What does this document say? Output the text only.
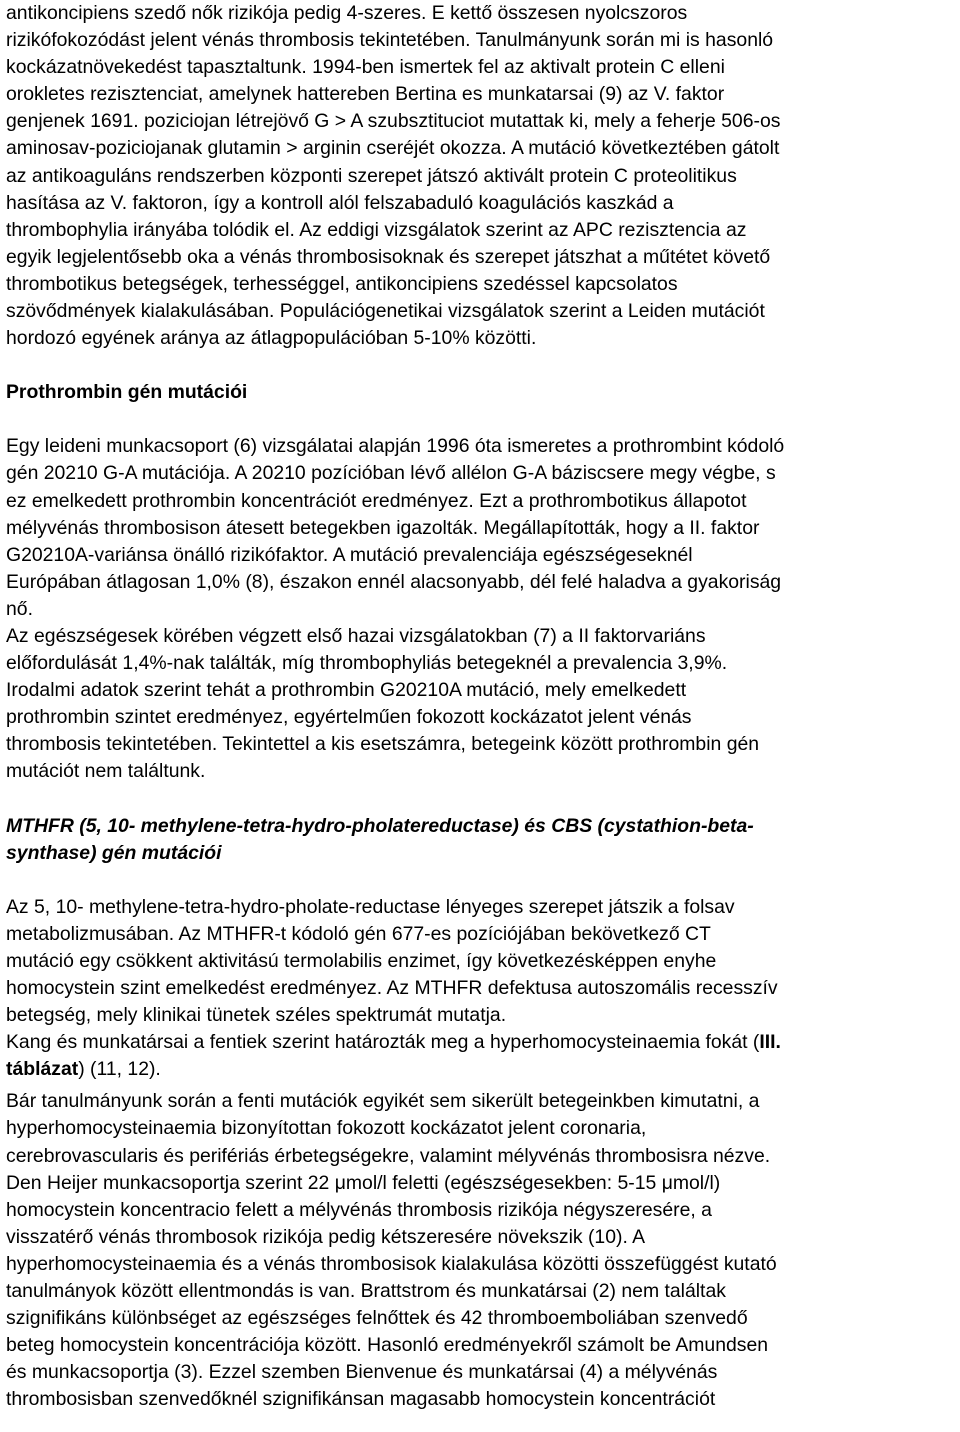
antikoncipiens szedő nők rizikója pedig 4-szeres. E kettő összesen nyolcszoros
rizikófokozódást jelent vénás thrombosis tekintetében. Tanulmányunk során mi is hasonló
kockázatnövekedést tapasztaltunk. 1994-ben ismertek fel az aktivalt protein C elleni
orokletes rezisztenciat, amelynek hattereben Bertina es munkatarsai (9) az V. faktor
genjenek 1691. poziciojan létrejövő G > A szubsztituciot mutattak ki, mely a feherje 506-os
aminosav-poziciojanak glutamin > arginin cseréjét okozza. A mutáció következtében gátolt
az antikoaguláns rendszerben központi szerepet játszó aktivált protein C proteolitikus
hasítása az V. faktoron, így a kontroll alól felszabaduló koagulációs kaszkád a
thrombophylia irányába tolódik el. Az eddigi vizsgálatok szerint az APC rezisztencia az
egyik legjelentősebb oka a vénás thrombosisoknak és szerepet játszhat a műtétet követő
thrombotikus betegségek, terhességgel, antikoncipiens szedéssel kapcsolatos
szövődmények kialakulásában. Populációgenetikai vizsgálatok szerint a Leiden mutációt
hordozó egyének aránya az átlagpopulációban 5-10% közötti.
Prothrombin gén mutációi
Egy leideni munkacsoport (6) vizsgálatai alapján 1996 óta ismeretes a prothrombint kódoló
gén 20210 G-A mutációja. A 20210 pozícióban lévő allélon G-A báziscsere megy végbe, s
ez emelkedett prothrombin koncentrációt eredményez. Ezt a prothrombotikus állapotot
mélyvénás thrombosison átesett betegekben igazolták. Megállapították, hogy a II. faktor
G20210A-variánsa önálló rizikófaktor. A mutáció prevalenciája egészségeseknél
Európában átlagosan 1,0% (8), északon ennél alacsonyabb, dél felé haladva a gyakoriság
nő.
Az egészségesek körében végzett első hazai vizsgálatokban (7) a II faktorvariáns
előfordulását 1,4%-nak találták, míg thrombophyliás betegeknél a prevalencia 3,9%.
Irodalmi adatok szerint tehát a prothrombin G20210A mutáció, mely emelkedett
prothrombin szintet eredményez, egyértelműen fokozott kockázatot jelent vénás
thrombosis tekintetében. Tekintettel a kis esetszámra, betegeink között prothrombin gén
mutációt nem találtunk.
MTHFR (5, 10- methylene-tetra-hydro-pholatereductase) és CBS (cystathion-beta-
synthase) gén mutációi
Az 5, 10- methylene-tetra-hydro-pholate-reductase lényeges szerepet játszik a folsav
metabolizmusában. Az MTHFR-t kódoló gén 677-es pozíciójában bekövetkező CT
mutáció egy csökkent aktivitású termolabilis enzimet, így következésképpen enyhe
homocystein szint emelkedést eredményez. Az MTHFR defektusa autoszomális recesszív
betegség, mely klinikai tünetek széles spektrumát mutatja.
Kang és munkatársai a fentiek szerint határozták meg a hyperhomocysteinaemia fokát (III.
táblázat) (11, 12).
Bár tanulmányunk során a fenti mutációk egyikét sem sikerült betegeinkben kimutatni, a
hyperhomocysteinaemia bizonyítottan fokozott kockázatot jelent coronaria,
cerebrovascularis és perifériás érbetegségekre, valamint mélyvénás thrombosisra nézve.
Den Heijer munkacsoportja szerint 22 μmol/l feletti (egészségesekben: 5-15 μmol/l)
homocystein koncentracio felett a mélyvénás thrombosis rizikója négyszeresére, a
visszatérő vénás thrombosok rizikója pedig kétszeresére növekszik (10). A
hyperhomocysteinaemia és a vénás thrombosisok kialakulása közötti összefüggést kutató
tanulmányok között ellentmondás is van. Brattstrom és munkatársai (2) nem találtak
szignifikáns különbséget az egészséges felnőttek és 42 thromboemboliában szenvedő
beteg homocystein koncentrációja között. Hasonló eredményekről számolt be Amundsen
és munkacsoportja (3). Ezzel szemben Bienvenue és munkatársai (4) a mélyvénás
thrombosisban szenvedőknél szignifikánsan magasabb homocystein koncentrációt
